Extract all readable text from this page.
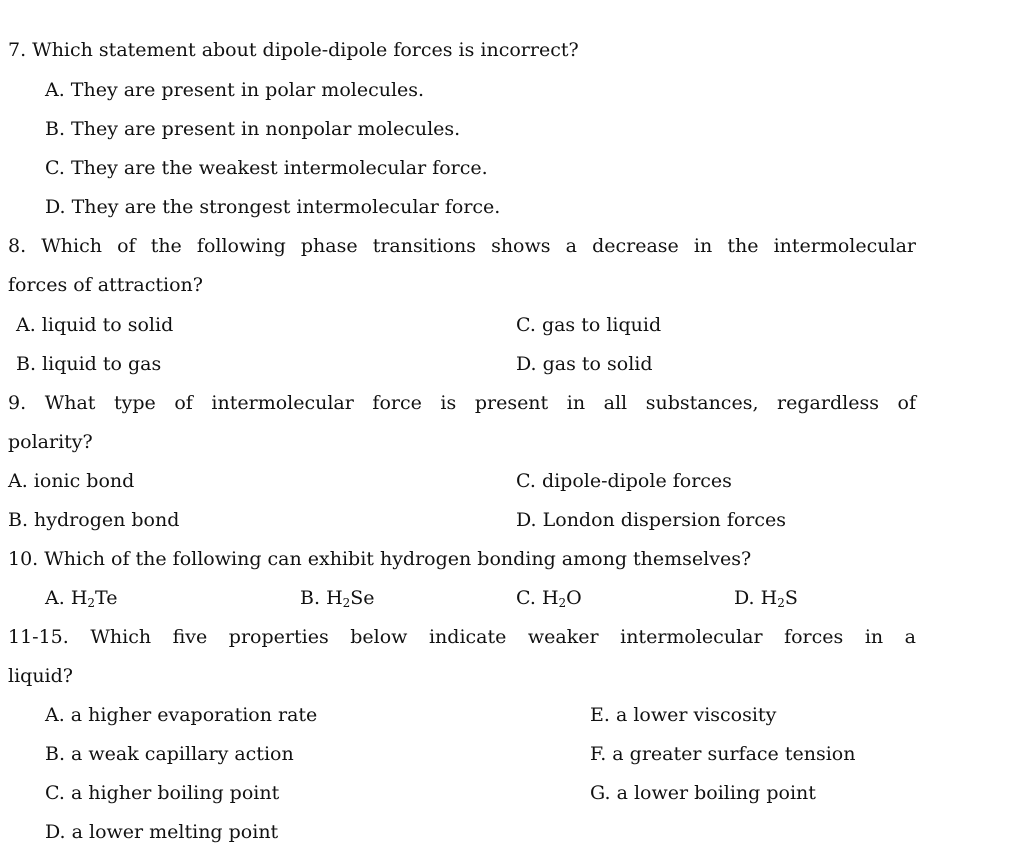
7. Which statement about dipole-dipole forces is incorrect?
A. They are present in polar molecules.
B. They are present in nonpolar molecules.
C. They are the weakest intermolecular force.
D. They are the strongest intermolecular force.
8. Which of the following phase transitions shows a decrease in the intermolecular
forces of attraction?
A. liquid to solid	C. gas to liquid
B. liquid to gas	D. gas to solid
9. What type of intermolecular force is present in all substances, regardless of
polarity?
A. ionic bond	C. dipole-dipole forces
B. hydrogen bond	D. London dispersion forces
10. Which of the following can exhibit hydrogen bonding among themselves?
A. $H_2Te$	B. $H_2Se$	C. $H_2O$	D. $H_2S$
11-15. Which five properties below indicate weaker intermolecular forces in a
liquid?
A. a higher evaporation rate	E. a lower viscosity
B. a weak capillary action	F. a greater surface tension
C. a higher boiling point	G. a lower boiling point
D. a lower melting point
